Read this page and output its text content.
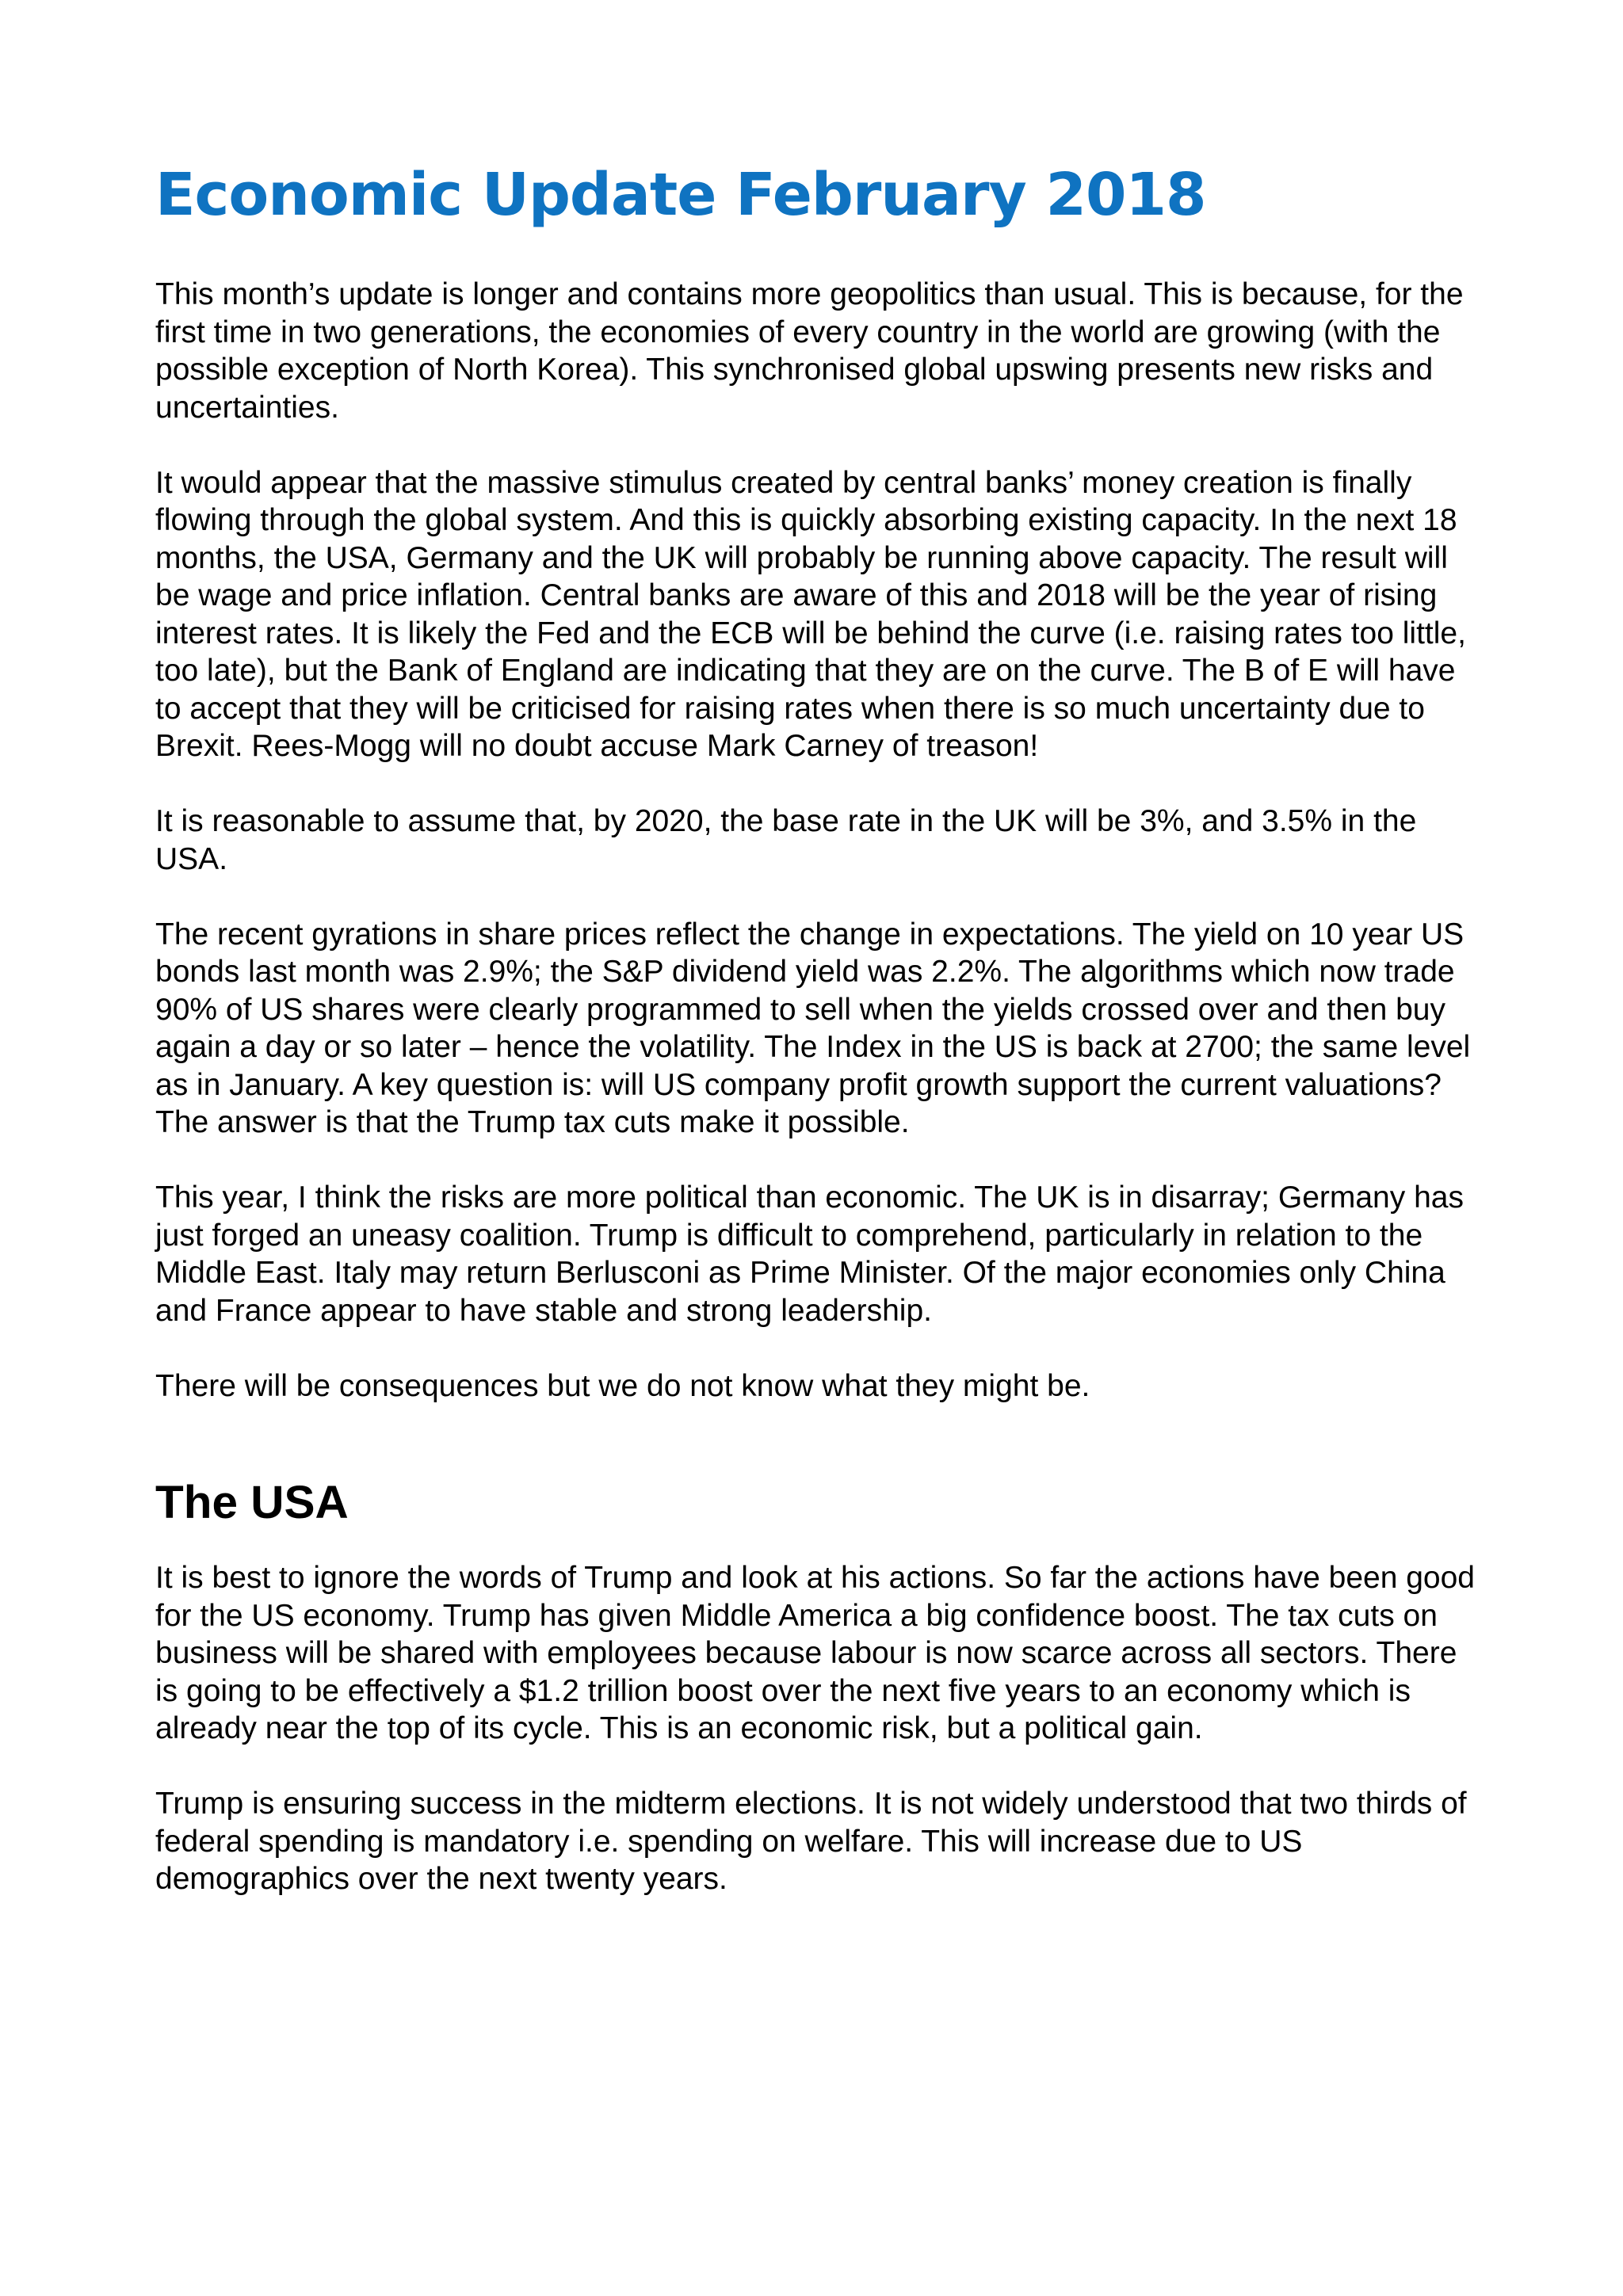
Economic Update February 2018

This month’s update is longer and contains more geopolitics than usual. This is because, for the first time in two generations, the economies of every country in the world are growing (with the possible exception of North Korea). This synchronised global upswing presents new risks and uncertainties.

It would appear that the massive stimulus created by central banks’ money creation is finally flowing through the global system. And this is quickly absorbing existing capacity. In the next 18 months, the USA, Germany and the UK will probably be running above capacity. The result will be wage and price inflation. Central banks are aware of this and 2018 will be the year of rising interest rates. It is likely the Fed and the ECB will be behind the curve (i.e. raising rates too little, too late), but the Bank of England are indicating that they are on the curve. The B of E will have to accept that they will be criticised for raising rates when there is so much uncertainty due to Brexit. Rees-Mogg will no doubt accuse Mark Carney of treason!

It is reasonable to assume that, by 2020, the base rate in the UK will be 3%, and 3.5% in the USA.

The recent gyrations in share prices reflect the change in expectations. The yield on 10 year US bonds last month was 2.9%; the S&P dividend yield was 2.2%. The algorithms which now trade 90% of US shares were clearly programmed to sell when the yields crossed over and then buy again a day or so later – hence the volatility. The Index in the US is back at 2700; the same level as in January. A key question is: will US company profit growth support the current valuations? The answer is that the Trump tax cuts make it possible.

This year, I think the risks are more political than economic. The UK is in disarray; Germany has just forged an uneasy coalition. Trump is difficult to comprehend, particularly in relation to the Middle East. Italy may return Berlusconi as Prime Minister. Of the major economies only China and France appear to have stable and strong leadership.

There will be consequences but we do not know what they might be.

The USA

It is best to ignore the words of Trump and look at his actions. So far the actions have been good for the US economy. Trump has given Middle America a big confidence boost. The tax cuts on business will be shared with employees because labour is now scarce across all sectors. There is going to be effectively a $1.2 trillion boost over the next five years to an economy which is already near the top of its cycle. This is an economic risk, but a political gain.

Trump is ensuring success in the midterm elections. It is not widely understood that two thirds of federal spending is mandatory i.e. spending on welfare. This will increase due to US demographics over the next twenty years.
